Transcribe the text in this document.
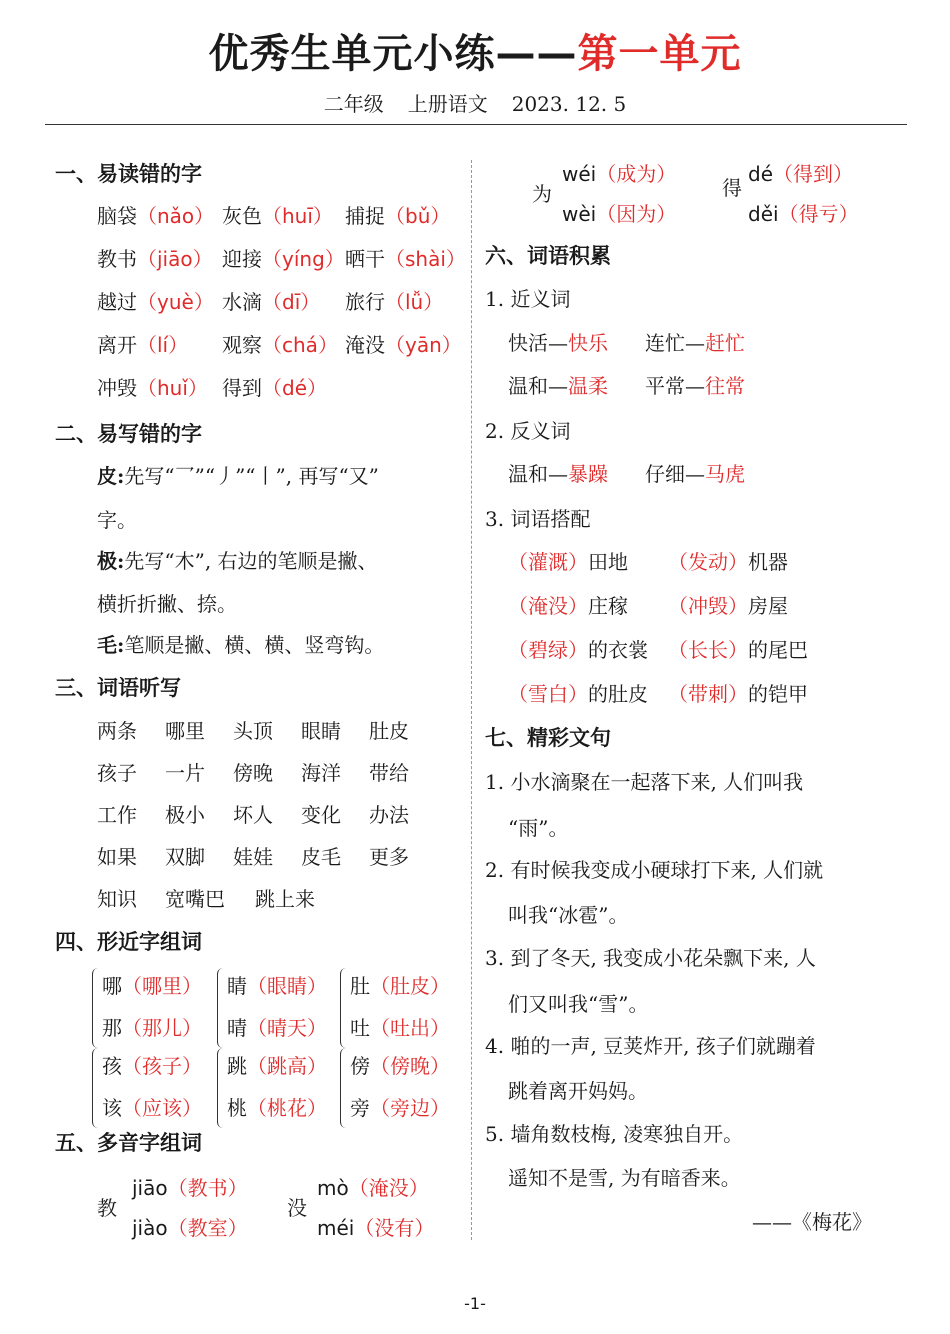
优秀生单元小练——第一单元
二年级 上册语文 2023. 12. 5
一、易读错的字
脑袋（nǎo） 灰色（huī） 捕捉（bǔ）
教书（jiāo） 迎接（yíng） 晒干（shài）
越过（yuè） 水滴（dī） 旅行（lǚ）
离开（lí） 观察（chá） 淹没（yān）
冲毁（huǐ） 得到（dé）
二、易写错的字
皮:先写“乛”“丿”“丨”, 再写“又”
字。
极:先写“木”, 右边的笔顺是撇、
横折折撇、捺。
毛:笔顺是撇、横、横、竖弯钩。
三、词语听写
两条 哪里 头顶 眼睛 肚皮
孩子 一片 傍晚 海洋 带给
工作 极小 坏人 变化 办法
如果 双脚 娃娃 皮毛 更多
知识 宽嘴巴 跳上来
四、形近字组词
哪（哪里）
那（那儿）
睛（眼睛）
晴（晴天）
肚（肚皮）
吐（吐出）
孩（孩子）
该（应该）
跳（跳高）
桃（桃花）
傍（傍晚）
旁（旁边）
五、多音字组词
教
jiāo（教书）
jiào（教室）
没
mò（淹没）
méi（没有）
为
wéi（成为）
wèi（因为）
得
dé（得到）
děi（得亏）
六、词语积累
1. 近义词
快活—快乐 连忙—赶忙
温和—温柔 平常—往常
2. 反义词
温和—暴躁 仔细—马虎
3. 词语搭配
（灌溉）田地 （发动）机器
（淹没）庄稼 （冲毁）房屋
（碧绿）的衣裳 （长长）的尾巴
（雪白）的肚皮 （带刺）的铠甲
七、精彩文句
1. 小水滴聚在一起落下来, 人们叫我
“雨”。
2. 有时候我变成小硬球打下来, 人们就
叫我“冰雹”。
3. 到了冬天, 我变成小花朵飘下来, 人
们又叫我“雪”。
4. 啪的一声, 豆荚炸开, 孩子们就蹦着
跳着离开妈妈。
5. 墙角数枝梅, 凌寒独自开。
遥知不是雪, 为有暗香来。
——《梅花》
-1-
